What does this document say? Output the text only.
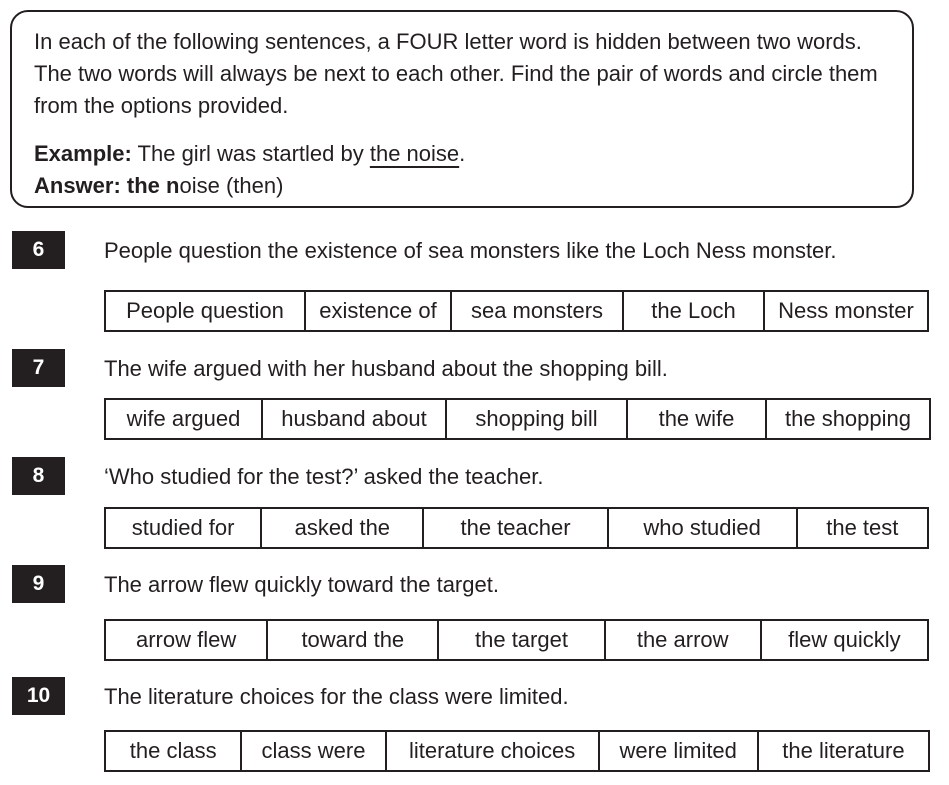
In each of the following sentences, a FOUR letter word is hidden between two words. The two words will always be next to each other. Find the pair of words and circle them from the options provided.

Example: The girl was startled by the noise.
Answer: the noise (then)
6	People question the existence of sea monsters like the Loch Ness monster.
People question	existence of	sea monsters	the Loch	Ness monster
7	The wife argued with her husband about the shopping bill.
wife argued	husband about	shopping bill	the wife	the shopping
8	‘Who studied for the test?’ asked the teacher.
studied for	asked the	the teacher	who studied	the test
9	The arrow flew quickly toward the target.
arrow flew	toward the	the target	the arrow	flew quickly
10	The literature choices for the class were limited.
the class	class were	literature choices	were limited	the literature
